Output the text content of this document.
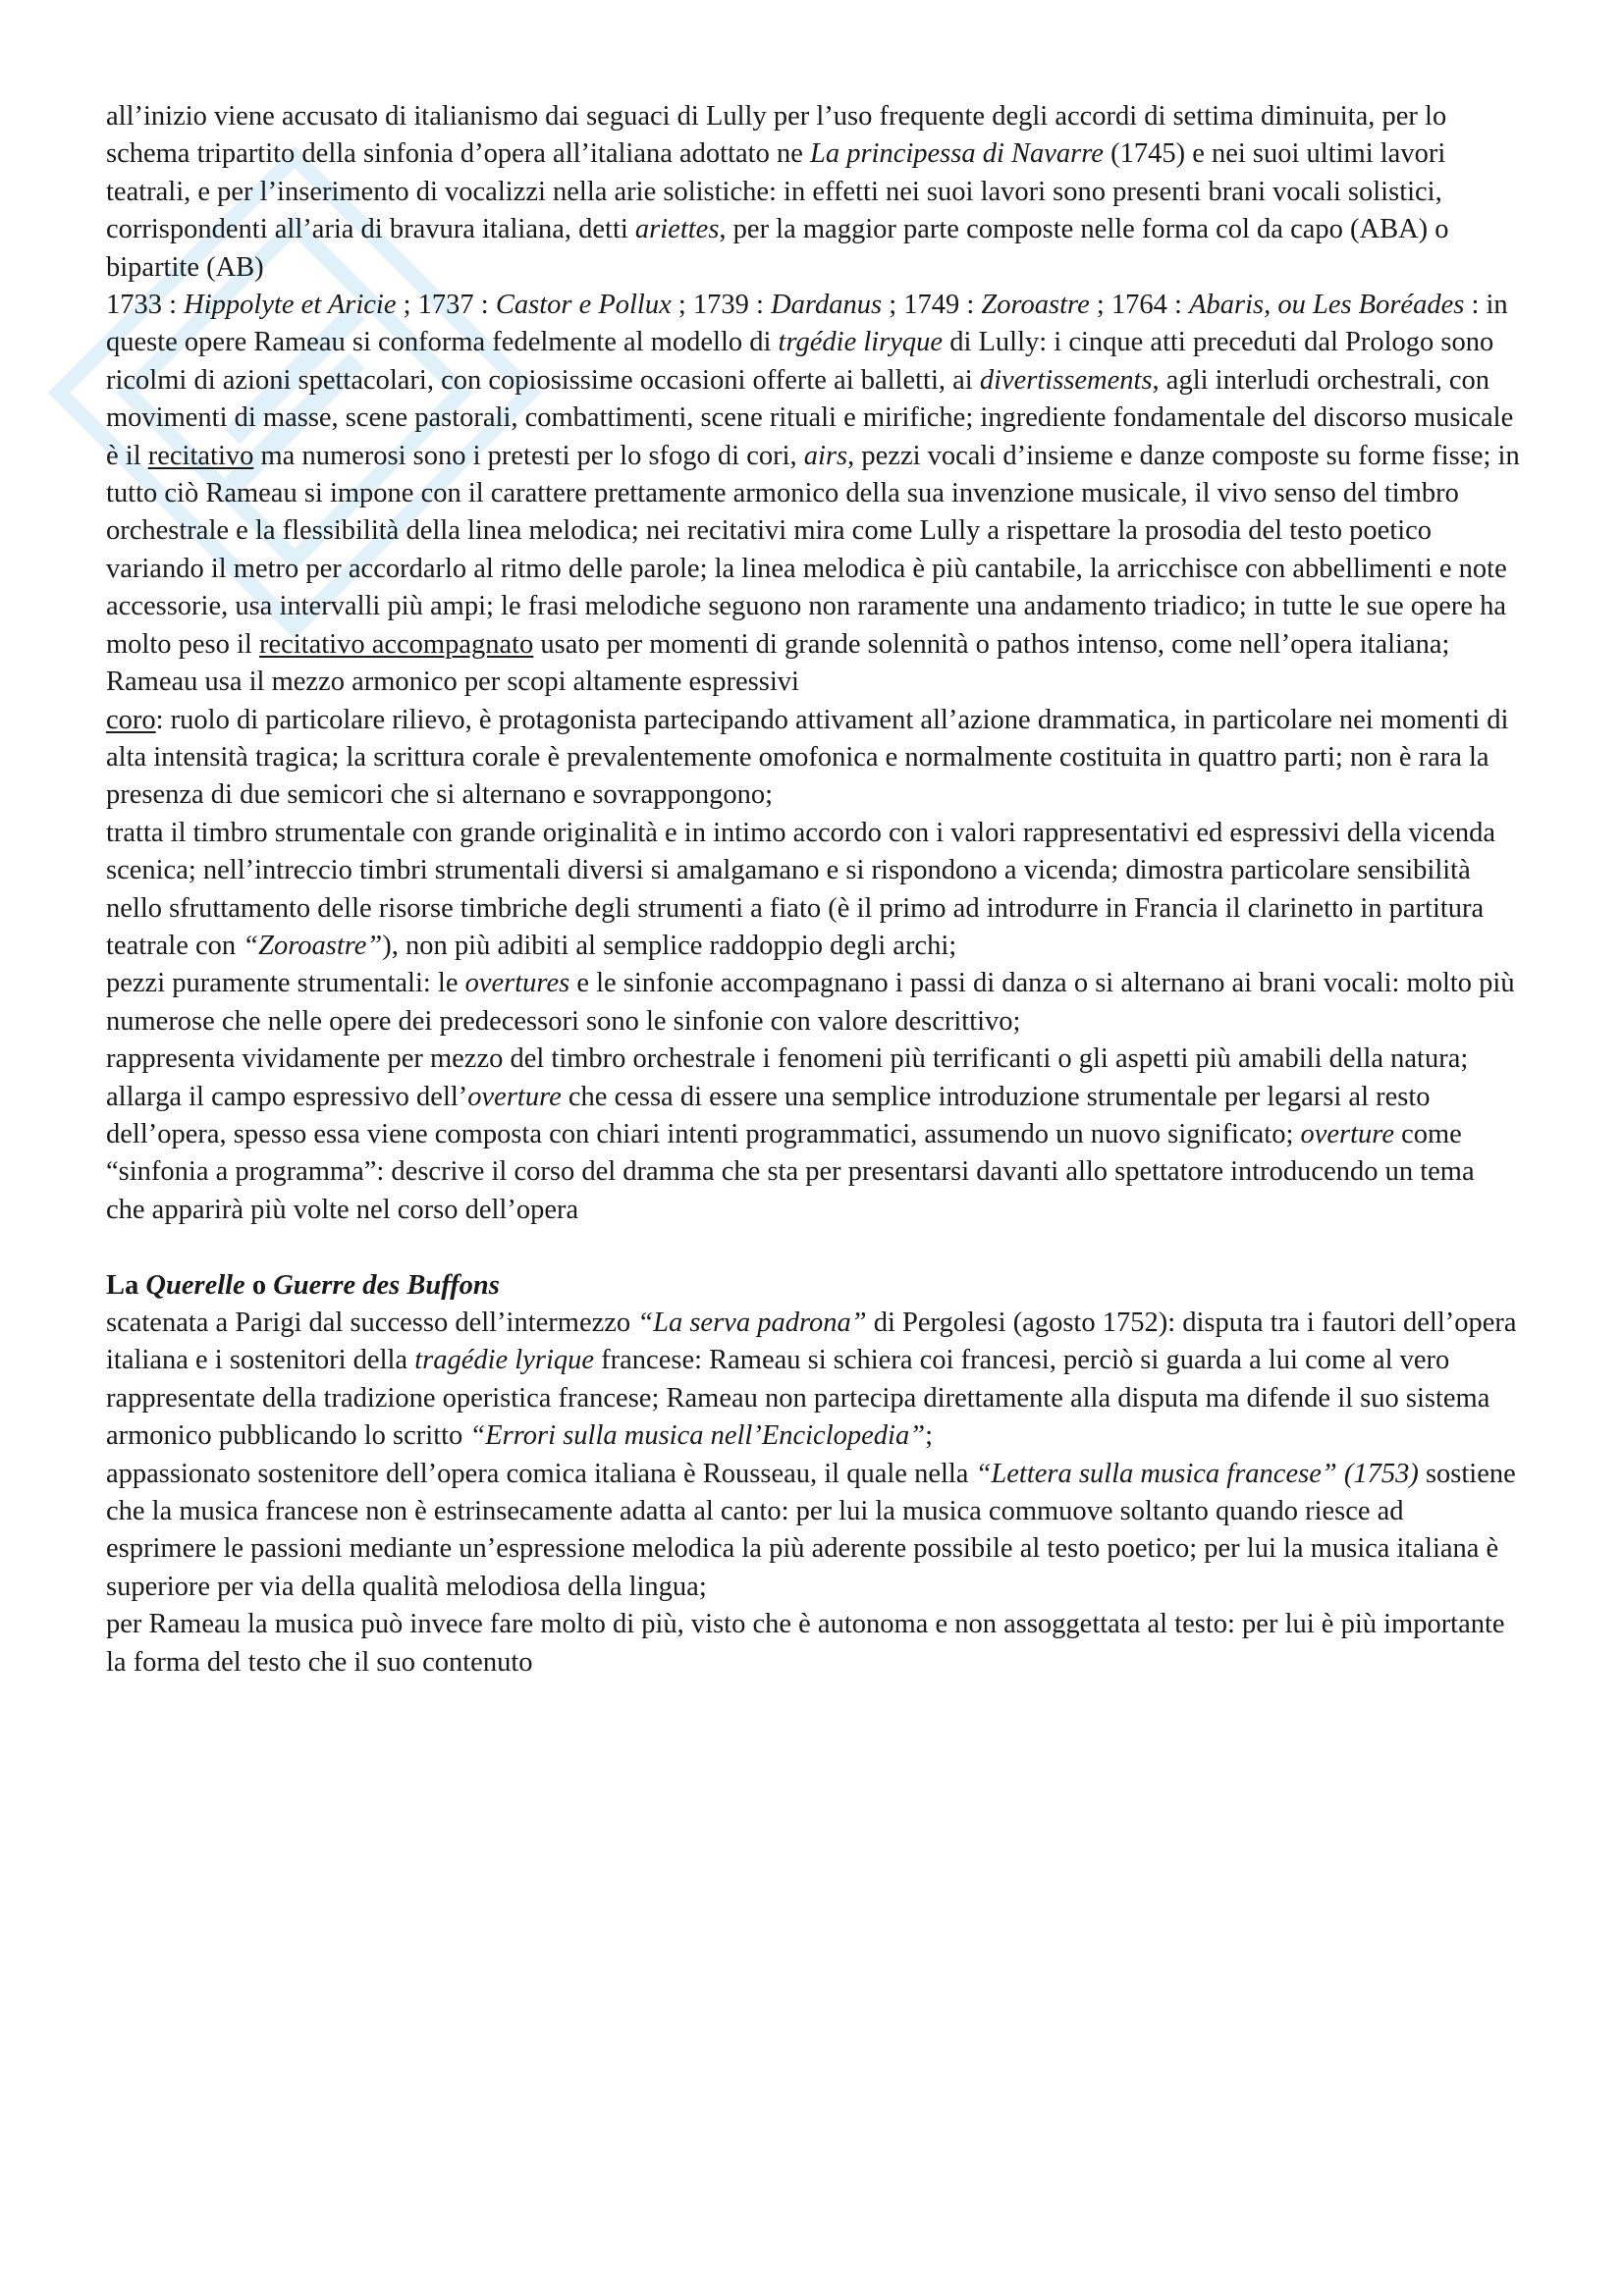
all’inizio viene accusato di italianismo dai seguaci di Lully per l’uso frequente degli accordi di settima diminuita, per lo schema tripartito della sinfonia d’opera all’italiana adottato ne La principessa di Navarre (1745) e nei suoi ultimi lavori teatrali, e per l’inserimento di vocalizzi nella arie solistiche: in effetti nei suoi lavori sono presenti brani vocali solistici, corrispondenti all’aria di bravura italiana, detti ariettes, per la maggior parte composte nelle forma col da capo (ABA) o bipartite (AB)

1733 : Hippolyte et Aricie ; 1737 : Castor e Pollux ; 1739 : Dardanus ; 1749 : Zoroastre ; 1764 : Abaris, ou Les Boréades : in queste opere Rameau si conforma fedelmente al modello di trgédie liryque di Lully: i cinque atti preceduti dal Prologo sono ricolmi di azioni spettacolari, con copiosissime occasioni offerte ai balletti, ai divertissements, agli interludi orchestrali, con movimenti di masse, scene pastorali, combattimenti, scene rituali e mirifiche; ingrediente fondamentale del discorso musicale è il recitativo ma numerosi sono i pretesti per lo sfogo di cori, airs, pezzi vocali d’insieme e danze composte su forme fisse; in tutto ciò Rameau si impone con il carattere prettamente armonico della sua invenzione musicale, il vivo senso del timbro orchestrale e la flessibilità della linea melodica; nei recitativi mira come Lully a rispettare la prosodia del testo poetico variando il metro per accordarlo al ritmo delle parole; la linea melodica è più cantabile, la arricchisce con abbellimenti e note accessorie, usa intervalli più ampi; le frasi melodiche seguono non raramente una andamento triadico; in tutte le sue opere ha molto peso il recitativo accompagnato usato per momenti di grande solennità o pathos intenso, come nell’opera italiana; Rameau usa il mezzo armonico per scopi altamente espressivi

coro: ruolo di particolare rilievo, è protagonista partecipando attivament all’azione drammatica, in particolare nei momenti di alta intensità tragica; la scrittura corale è prevalentemente omofonica e normalmente costituita in quattro parti; non è rara la presenza di due semicori che si alternano e sovrappongono;

tratta il timbro strumentale con grande originalità e in intimo accordo con i valori rappresentativi ed espressivi della vicenda scenica; nell’intreccio timbri strumentali diversi si amalgamano e si rispondono a vicenda; dimostra particolare sensibilità nello sfruttamento delle risorse timbriche degli strumenti a fiato (è il primo ad introdurre in Francia il clarinetto in partitura teatrale con “Zoroastre”), non più adibiti al semplice raddoppio degli archi;

pezzi puramente strumentali: le overtures e le sinfonie accompagnano i passi di danza o si alternano ai brani vocali: molto più numerose che nelle opere dei predecessori sono le sinfonie con valore descrittivo;

rappresenta vividamente per mezzo del timbro orchestrale i fenomeni più terrificanti o gli aspetti più amabili della natura;

allarga il campo espressivo dell’overture che cessa di essere una semplice introduzione strumentale per legarsi al resto dell’opera, spesso essa viene composta con chiari intenti programmatici, assumendo un nuovo significato; overture come “sinfonia a programma”: descrive il corso del dramma che sta per presentarsi davanti allo spettatore introducendo un tema che apparirà più volte nel corso dell’opera

La Querelle o Guerre des Buffons

scatenata a Parigi dal successo dell’intermezzo “La serva padrona” di Pergolesi (agosto 1752): disputa tra i fautori dell’opera italiana e i sostenitori della tragédie lyrique francese: Rameau si schiera coi francesi, perciò si guarda a lui come al vero rappresentate della tradizione operistica francese; Rameau non partecipa direttamente alla disputa ma difende il suo sistema armonico pubblicando lo scritto “Errori sulla musica nell’Enciclopedia”;

appassionato sostenitore dell’opera comica italiana è Rousseau, il quale nella “Lettera sulla musica francese” (1753) sostiene che la musica francese non è estrinsecamente adatta al canto: per lui la musica commuove soltanto quando riesce ad esprimere le passioni mediante un’espressione melodica la più aderente possibile al testo poetico; per lui la musica italiana è superiore per via della qualità melodiosa della lingua;

per Rameau la musica può invece fare molto di più, visto che è autonoma e non assoggettata al testo: per lui è più importante la forma del testo che il suo contenuto
